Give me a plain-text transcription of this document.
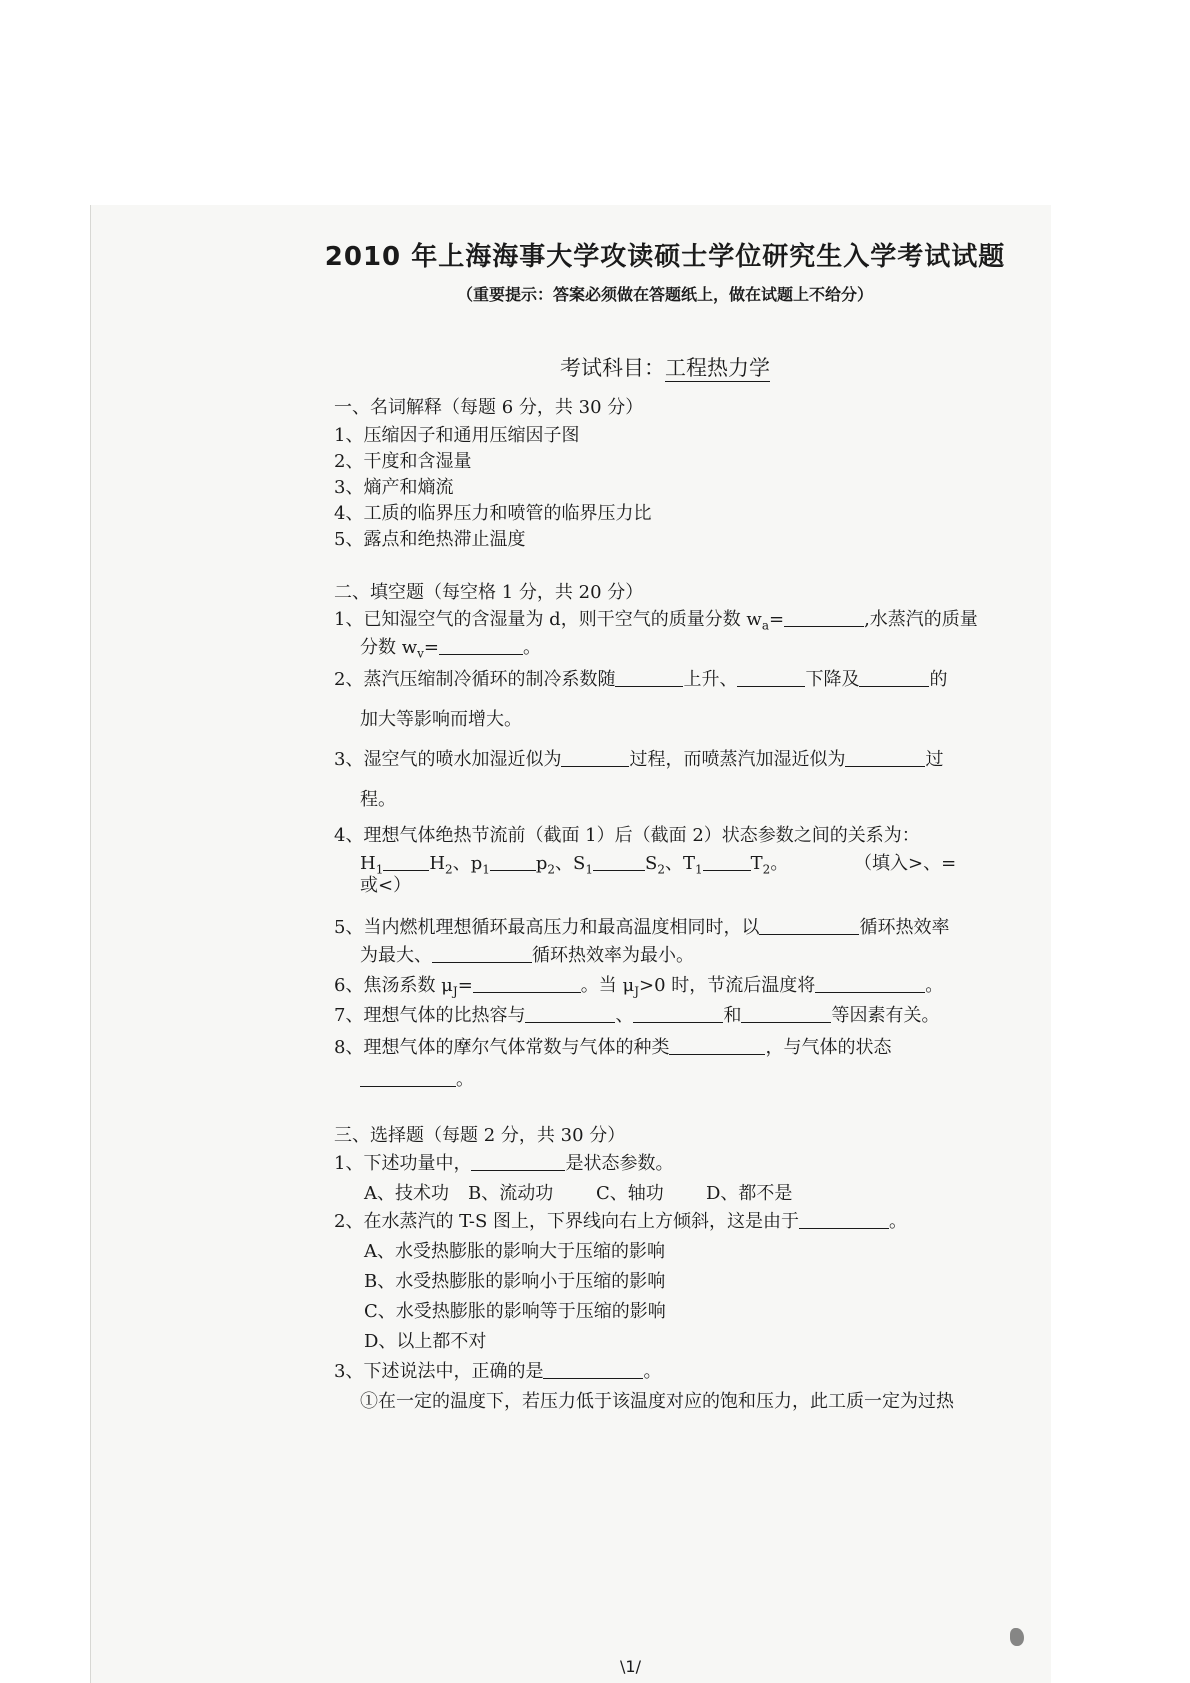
2010 年上海海事大学攻读硕士学位研究生入学考试试题
（重要提示：答案必须做在答题纸上，做在试题上不给分）
考试科目：工程热力学
一、名词解释（每题 6 分，共 30 分）
1、压缩因子和通用压缩因子图
2、干度和含湿量
3、熵产和熵流
4、工质的临界压力和喷管的临界压力比
5、露点和绝热滞止温度
二、填空题（每空格 1 分，共 20 分）
1、已知湿空气的含湿量为 d，则干空气的质量分数 $w_a=$	,水蒸汽的质量
分数 $w_v=$	。
2、蒸汽压缩制冷循环的制冷系数随	上升、	下降及	的
加大等影响而增大。
3、湿空气的喷水加湿近似为	过程，而喷蒸汽加湿近似为	过
程。
4、理想气体绝热节流前（截面 1）后（截面 2）状态参数之间的关系为：
$H_1$	$H_2$、$p_1$	$p_2$、$S_1$	$S_2$、$T_1$	$T_2$。	（填入>、=
或<）
5、当内燃机理想循环最高压力和最高温度相同时，以	循环热效率
为最大、	循环热效率为最小。
6、焦汤系数 $\mu_J=$	。当 $\mu_J>0$ 时，节流后温度将	。
7、理想气体的比热容与	、	和	等因素有关。
8、理想气体的摩尔气体常数与气体的种类	，与气体的状态
。
三、选择题（每题 2 分，共 30 分）
1、下述功量中，	是状态参数。
A、技术功 B、流动功 C、轴功 D、都不是
2、在水蒸汽的 T-S 图上，下界线向右上方倾斜，这是由于	。
A、水受热膨胀的影响大于压缩的影响
B、水受热膨胀的影响小于压缩的影响
C、水受热膨胀的影响等于压缩的影响
D、以上都不对
3、下述说法中，正确的是	。
①在一定的温度下，若压力低于该温度对应的饱和压力，此工质一定为过热
\1/
